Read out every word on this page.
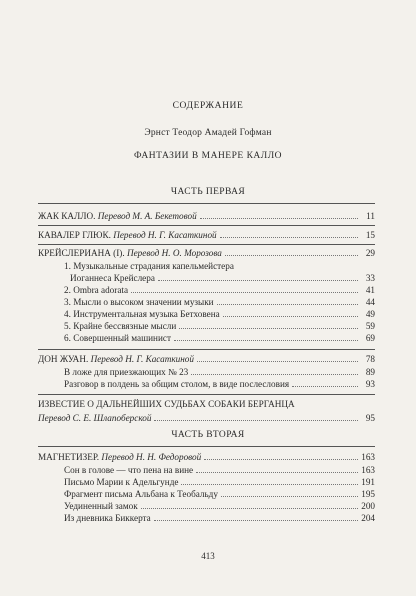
СОДЕРЖАНИЕ
Эрнст Теодор Амадей Гофман
ФАНТАЗИИ В МАНЕРЕ КАЛЛО
ЧАСТЬ ПЕРВАЯ
ЖАК КАЛЛО. Перевод М. А. Бекетовой	11
КАВАЛЕР ГЛЮК. Перевод Н. Г. Касаткиной	15
КРЕЙСЛЕРИАНА (I). Перевод Н. О. Морозова	29
1. Музыкальные страдания капельмейстера
Иоганнеса Крейслера	33
2. Ombra adorata	41
3. Мысли о высоком значении музыки	44
4. Инструментальная музыка Бетховена	49
5. Крайне бессвязные мысли	59
6. Совершенный машинист	69
ДОН ЖУАН. Перевод Н. Г. Касаткиной	78
В ложе для приезжающих № 23	89
Разговор в полдень за общим столом, в виде послесловия	93
ИЗВЕСТИЕ О ДАЛЬНЕЙШИХ СУДЬБАХ СОБАКИ БЕРГАНЦА
Перевод С. Е. Шлапоберской	95
ЧАСТЬ ВТОРАЯ
МАГНЕТИЗЕР. Перевод Н. Н. Федоровой	163
Сон в голове — что пена на вине	163
Письмо Марии к Адельгунде	191
Фрагмент письма Альбана к Теобальду	195
Уединенный замок	200
Из дневника Биккерта	204
413
